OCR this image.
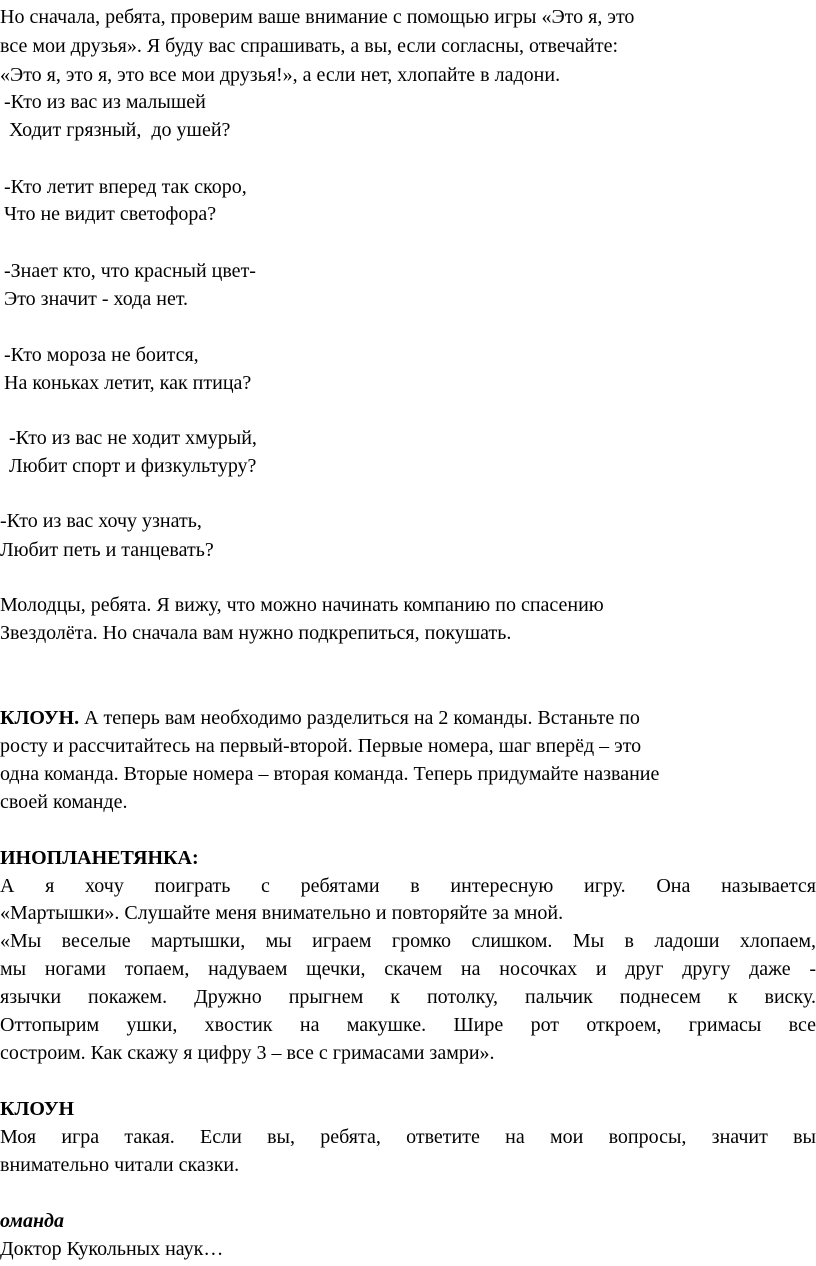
Но сначала, ребята, проверим ваше внимание с помощью игры «Это я, это
все мои друзья». Я буду вас спрашивать, а вы, если согласны, отвечайте:
«Это я, это я, это все мои друзья!», а если нет, хлопайте в ладони.
-Кто из вас из малышей
Ходит грязный,  до ушей?
-Кто летит вперед так скоро,
Что не видит светофора?
-Знает кто, что красный цвет-
Это значит - хода нет.
-Кто мороза не боится,
На коньках летит, как птица?
-Кто из вас не ходит хмурый,
Любит спорт и физкультуру?
-Кто из вас хочу узнать,
Любит петь и танцевать?
Молодцы, ребята. Я вижу, что можно начинать компанию по спасению
Звездолёта. Но сначала вам нужно подкрепиться, покушать.
КЛОУН. А теперь вам необходимо разделиться на 2 команды. Встаньте по
росту и рассчитайтесь на первый-второй. Первые номера, шаг вперёд – это
одна команда. Вторые номера – вторая команда. Теперь придумайте название
своей команде.
ИНОПЛАНЕТЯНКА:
А я хочу поиграть с ребятами в интересную игру. Она называется
«Мартышки». Слушайте меня внимательно и повторяйте за мной.
«Мы веселые мартышки, мы играем громко слишком. Мы в ладоши хлопаем,
мы ногами топаем, надуваем щечки, скачем на носочках и друг другу даже -
язычки покажем. Дружно прыгнем к потолку, пальчик поднесем к виску.
Оттопырим ушки, хвостик на макушке. Шире рот откроем, гримасы все
состроим. Как скажу я цифру 3 – все с гримасами замри».
КЛОУН
Моя игра такая. Если вы, ребята, ответите на мои вопросы, значит вы
внимательно читали сказки.
оманда
Доктор Кукольных наук…
